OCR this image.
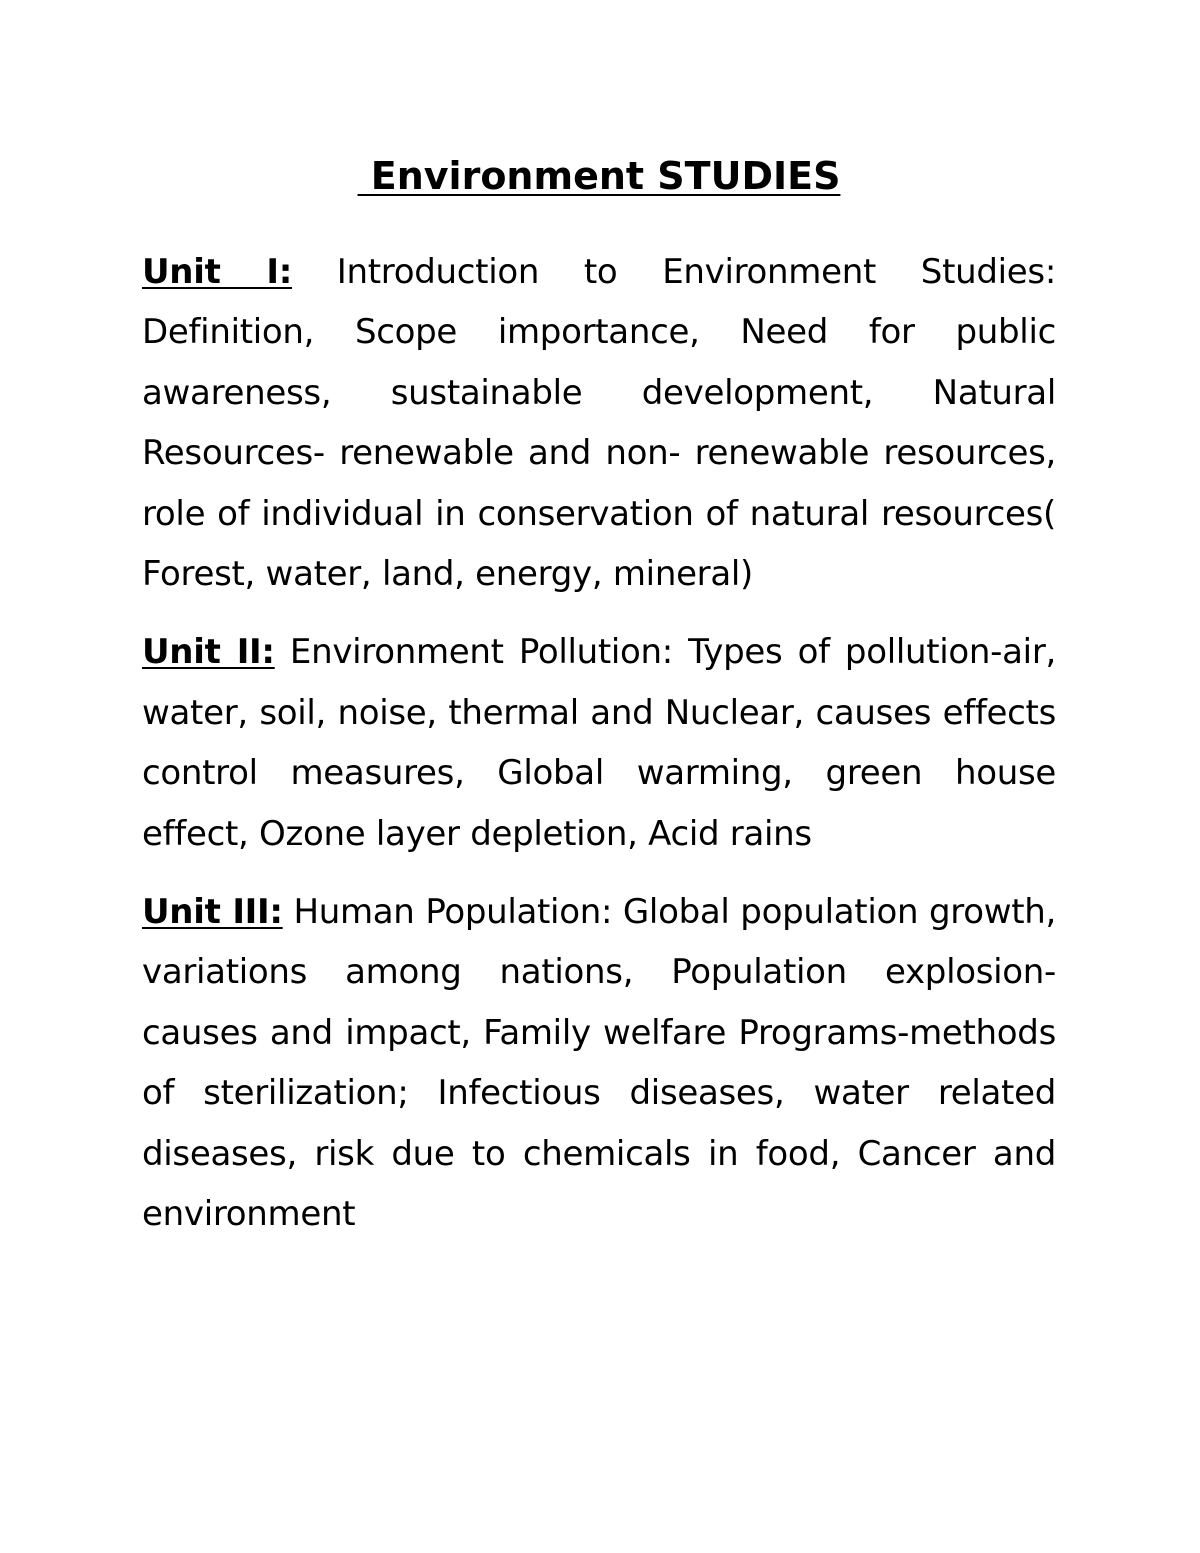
Environment STUDIES

Unit I: Introduction to Environment Studies: Definition, Scope importance, Need for public awareness, sustainable development, Natural Resources- renewable and non- renewable resources, role of individual in conservation of natural resources( Forest, water, land, energy, mineral)

Unit II: Environment Pollution: Types of pollution-air, water, soil, noise, thermal and Nuclear, causes effects control measures, Global warming, green house effect, Ozone layer depletion, Acid rains

Unit III: Human Population: Global population growth, variations among nations, Population explosion- causes and impact, Family welfare Programs-methods of sterilization; Infectious diseases, water related diseases, risk due to chemicals in food, Cancer and environment
